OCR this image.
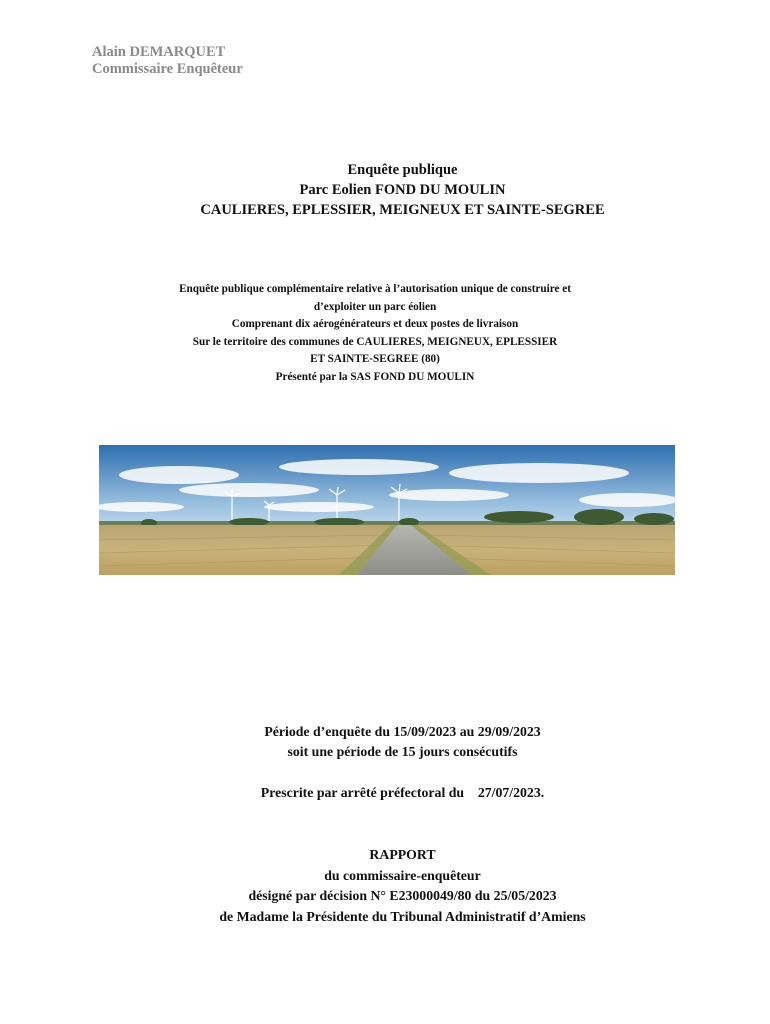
Alain DEMARQUET
Commissaire Enquêteur
Enquête publique
Parc Eolien FOND DU MOULIN
CAULIERES, EPLESSIER, MEIGNEUX ET SAINTE-SEGREE
Enquête publique complémentaire relative à l’autorisation unique de construire et
d’exploiter un parc éolien
Comprenant dix aérogénérateurs et deux postes de livraison
Sur le territoire des communes de CAULIERES, MEIGNEUX, EPLESSIER
ET SAINTE-SEGREE (80)
Présenté par la SAS FOND DU MOULIN
Période d’enquête du 15/09/2023 au 29/09/2023
soit une période de 15 jours consécutifs
Prescrite par arrêté préfectoral du    27/07/2023.
RAPPORT
du commissaire-enquêteur
désigné par décision N° E23000049/80 du 25/05/2023
de Madame la Présidente du Tribunal Administratif d’Amiens
